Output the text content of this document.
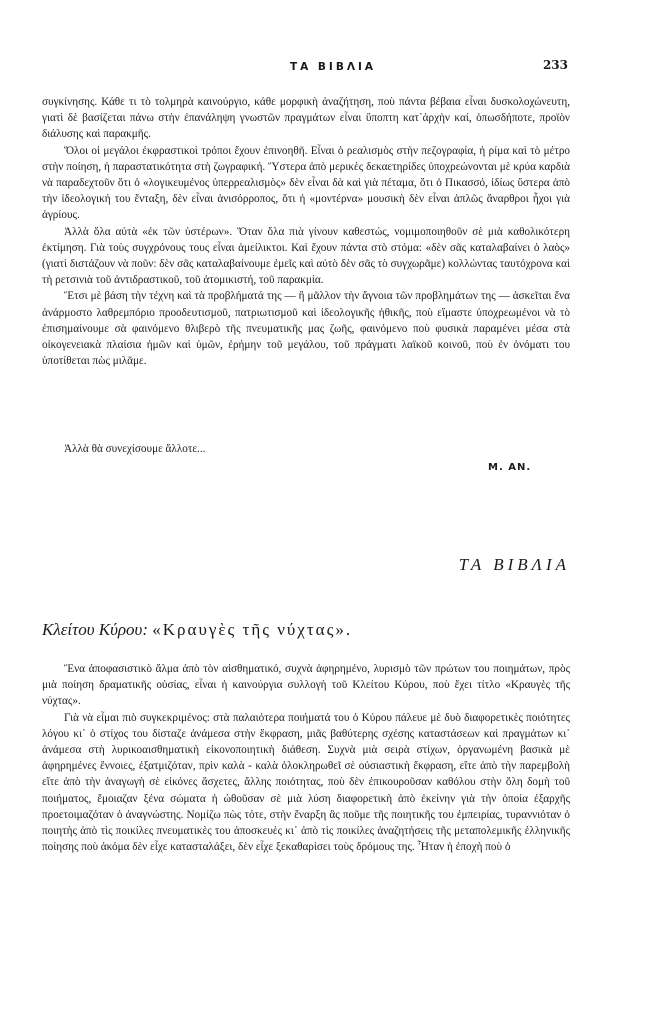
ΤΑ ΒΙΒΛΙΑ	233

συγκίνησης. Κάθε τι τὸ τολμηρὰ καινούργιο, κάθε μορφικὴ ἀναζήτηση, ποὺ πάντα βέβαια εἶναι δυσκολοχώνευτη, γιατὶ δὲ βασίζεται πάνω στὴν ἐπανάληψη γνωστῶν πραγμάτων εἶναι ὕποπτη κατ᾿ἀρχὴν καί, ὁπωσδήποτε, προϊὸν διάλυσης καὶ παρακμῆς.

Ὅλοι οἱ μεγάλοι ἐκφραστικοὶ τρόποι ἔχουν ἐπινοηθῆ. Εἶναι ὁ ρεαλισμὸς στὴν πεζογραφία, ἡ ρίμα καὶ τὸ μέτρο στὴν ποίηση, ἡ παραστατικότητα στὴ ζωγραφική. Ὕστερα ἀπὸ μερικὲς δεκαετηρίδες ὑποχρεώνονται μὲ κρύα καρδιὰ νὰ παραδεχτοῦν ὅτι ὁ «λογικευμένος ὑπερρεαλισμὸς» δὲν εἶναι δὰ καὶ γιὰ πέταμα, ὅτι ὁ Πικασσό, ἰδίως ὕστερα ἀπὸ τὴν ἰδεολογική του ἔνταξη, δὲν εἶναι ἀνισόρροπος, ὅτι ἡ «μοντέρνα» μουσικὴ δὲν εἶναι ἁπλῶς ἄναρθροι ἦχοι γιὰ ἀγρίους.

Ἀλλὰ ὅλα αὐτὰ «ἐκ τῶν ὑστέρων». Ὅταν ὅλα πιὰ γίνουν καθεστώς, νομιμοποιηθοῦν σὲ μιὰ καθολικότερη ἐκτίμηση. Γιὰ τοὺς συγχρόνους τους εἶναι ἀμείλικτοι. Καὶ ἔχουν πάντα στὸ στόμα: «δὲν σᾶς καταλαβαίνει ὁ λαὸς» (γιατὶ διστάζουν νὰ ποῦν: δὲν σᾶς καταλαβαίνουμε ἐμεῖς καὶ αὐτὸ δὲν σᾶς τὸ συγχωρᾶμε) κολλώντας ταυτόχρονα καὶ τὴ ρετσινιὰ τοῦ ἀντιδραστικοῦ, τοῦ ἀτομικιστή, τοῦ παρακμία.

Ἔτσι μὲ βάση τὴν τέχνη καὶ τὰ προβλήματά της — ἢ μᾶλλον τὴν ἄγνοια τῶν προβλημάτων της — ἀσκεῖται ἕνα ἀνάρμοστο λαθρεμπόριο προοδευτισμοῦ, πατριωτισμοῦ καὶ ἰδεολογικῆς ἠθικῆς, ποὺ εἴμαστε ὑποχρεωμένοι νὰ τὸ ἐπισημαίνουμε σὰ φαινόμενο θλιβερὸ τῆς πνευματικῆς μας ζωῆς, φαινόμενο ποὺ φυσικὰ παραμένει μέσα στὰ οἰκογενειακὰ πλαίσια ἡμῶν καὶ ὑμῶν, ἐρήμην τοῦ μεγάλου, τοῦ πράγματι λαϊκοῦ κοινοῦ, ποὺ ἐν ὀνόματι του ὑποτίθεται πὼς μιλᾶμε.

Ἀλλὰ θὰ συνεχίσουμε ἄλλοτε...
Μ. ΑΝ.
ΤΑ ΒΙΒΛΙΑ
Κλείτου Κύρου: «Κραυγὲς τῆς νύχτας».

Ἕνα ἀποφασιστικὸ ἅλμα ἀπὸ τὸν αἰσθηματικό, συχνὰ ἀφηρημένο, λυρισμὸ τῶν πρώτων του ποιημάτων, πρὸς μιὰ ποίηση δραματικῆς οὐσίας, εἶναι ἡ καινούργια συλλογὴ τοῦ Κλείτου Κύρου, ποὺ ἔχει τίτλο «Κραυγὲς τῆς νύχτας».

Γιὰ νὰ εἶμαι πιὸ συγκεκριμένος: στὰ παλαιότερα ποιήματά του ὁ Κύρου πάλευε μὲ δυὸ διαφορετικὲς ποιότητες λόγου κι᾿ ὁ στίχος του δίσταζε ἀνάμεσα στὴν ἔκφραση, μιᾶς βαθύτερης σχέσης καταστάσεων καὶ πραγμάτων κι᾿ ἀνάμεσα στὴ λυρικοαισθηματικὴ εἰκονοποιητικὴ διάθεση. Συχνὰ μιὰ σειρὰ στίχων, ὀργανωμένη βασικὰ μὲ ἀφηρημένες ἔννοιες, ἐξατμιζόταν, πρὶν καλὰ - καλὰ ὁλοκληρωθεῖ σὲ οὐσιαστικὴ ἔκφραση, εἴτε ἀπὸ τὴν παρεμβολὴ εἴτε ἀπὸ τὴν ἀναγωγὴ σὲ εἰκόνες ἄσχετες, ἄλλης ποιότητας, ποὺ δὲν ἐπικουροῦσαν καθόλου στὴν ὅλη δομὴ τοῦ ποιήματος, ἔμοιαζαν ξένα σώματα ἡ ὡθοῦσαν σὲ μιὰ λύση διαφορετικὴ ἀπὸ ἐκείνην γιὰ τὴν ὁποία ἐξαρχῆς προετοιμαζόταν ὁ ἀναγνώστης. Νομίζω πὼς τότε, στὴν ἔναρξη ἂς ποῦμε τῆς ποιητικῆς του ἐμπειρίας, τυραννιόταν ὁ ποιητὴς ἀπὸ τὶς ποικίλες πνευματικὲς του ἀποσκευὲς κι᾿ ἀπὸ τὶς ποικίλες ἀναζητήσεις τῆς μεταπολεμικῆς ἑλληνικῆς ποίησης ποὺ ἀκόμα δὲν εἶχε κατασταλάξει, δὲν εἶχε ξεκαθαρίσει τοὺς δρόμους της. Ἦταν ἡ ἐποχὴ ποὺ ὁ
